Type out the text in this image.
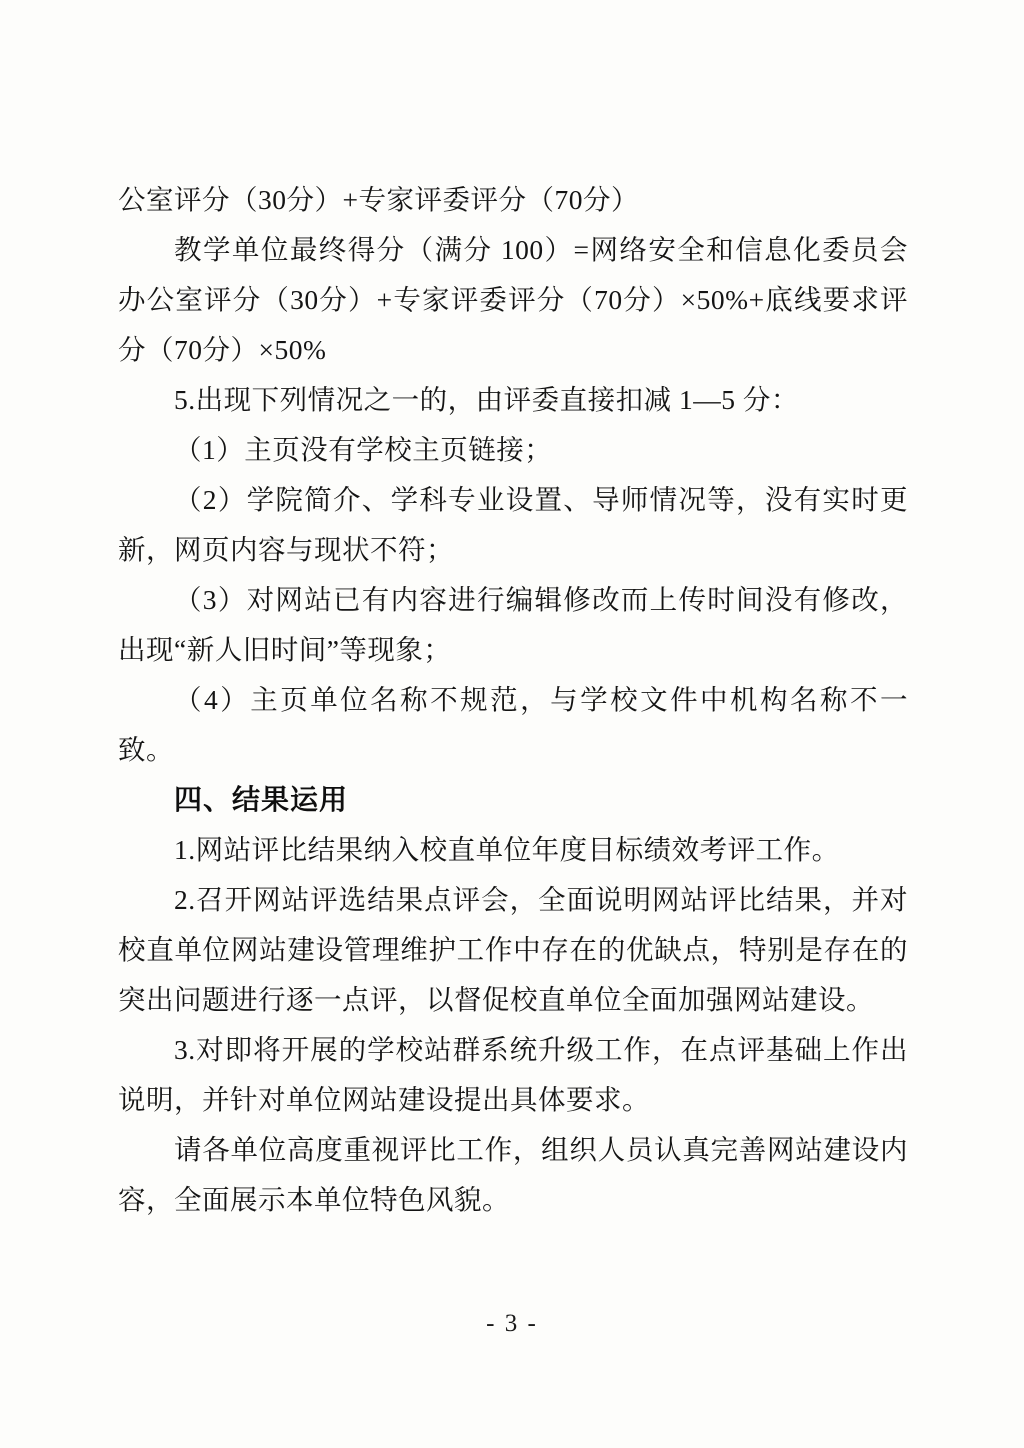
公室评分（30分）+专家评委评分（70分）

教学单位最终得分（满分 100）=网络安全和信息化委员会办公室评分（30分）+专家评委评分（70分）×50%+底线要求评分（70分）×50%

5.出现下列情况之一的，由评委直接扣减 1—5 分：

（1）主页没有学校主页链接；

（2）学院简介、学科专业设置、导师情况等，没有实时更新，网页内容与现状不符；

（3）对网站已有内容进行编辑修改而上传时间没有修改，出现“新人旧时间”等现象；

（4）主页单位名称不规范，与学校文件中机构名称不一致。

四、结果运用

1.网站评比结果纳入校直单位年度目标绩效考评工作。

2.召开网站评选结果点评会，全面说明网站评比结果，并对校直单位网站建设管理维护工作中存在的优缺点，特别是存在的突出问题进行逐一点评，以督促校直单位全面加强网站建设。

3.对即将开展的学校站群系统升级工作，在点评基础上作出说明，并针对单位网站建设提出具体要求。

请各单位高度重视评比工作，组织人员认真完善网站建设内容，全面展示本单位特色风貌。

- 3 -
